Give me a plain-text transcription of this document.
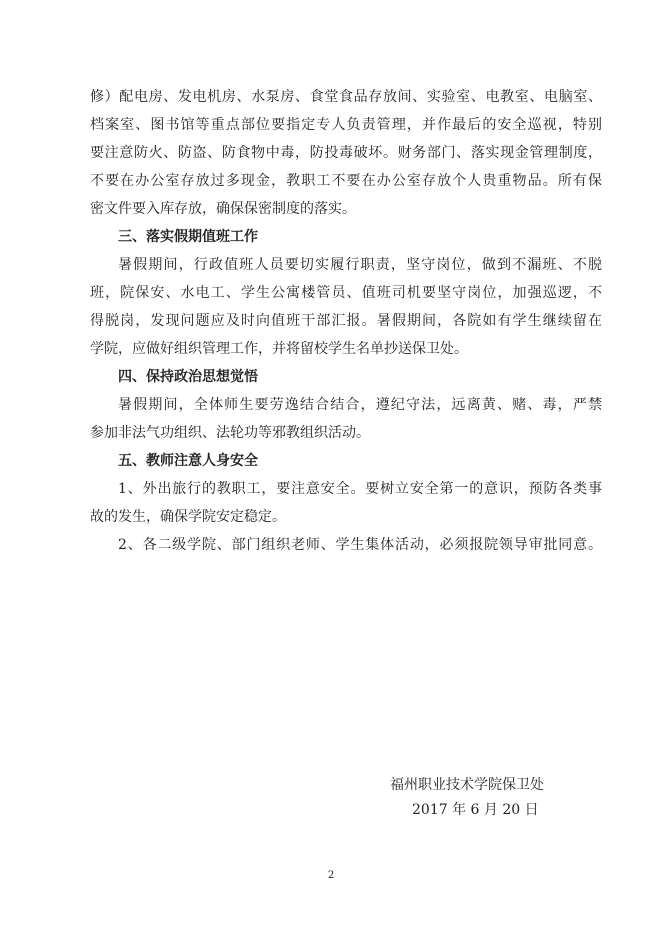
修）配电房、发电机房、水泵房、食堂食品存放间、实验室、电教室、电脑室、
档案室、图书馆等重点部位要指定专人负责管理，并作最后的安全巡视，特别
要注意防火、防盗、防食物中毒，防投毒破坏。财务部门、落实现金管理制度，
不要在办公室存放过多现金，教职工不要在办公室存放个人贵重物品。所有保
密文件要入库存放，确保保密制度的落实。
三、落实假期值班工作
暑假期间，行政值班人员要切实履行职责，坚守岗位，做到不漏班、不脱
班，院保安、水电工、学生公寓楼管员、值班司机要坚守岗位，加强巡逻，不
得脱岗，发现问题应及时向值班干部汇报。暑假期间，各院如有学生继续留在
学院，应做好组织管理工作，并将留校学生名单抄送保卫处。
四、保持政治思想觉悟
暑假期间，全体师生要劳逸结合结合，遵纪守法，远离黄、赌、毒，严禁
参加非法气功组织、法轮功等邪教组织活动。
五、教师注意人身安全
1、外出旅行的教职工，要注意安全。要树立安全第一的意识，预防各类事
故的发生，确保学院安定稳定。
2、各二级学院、部门组织老师、学生集体活动，必须报院领导审批同意。
福州职业技术学院保卫处
2017 年 6 月 20 日
2
